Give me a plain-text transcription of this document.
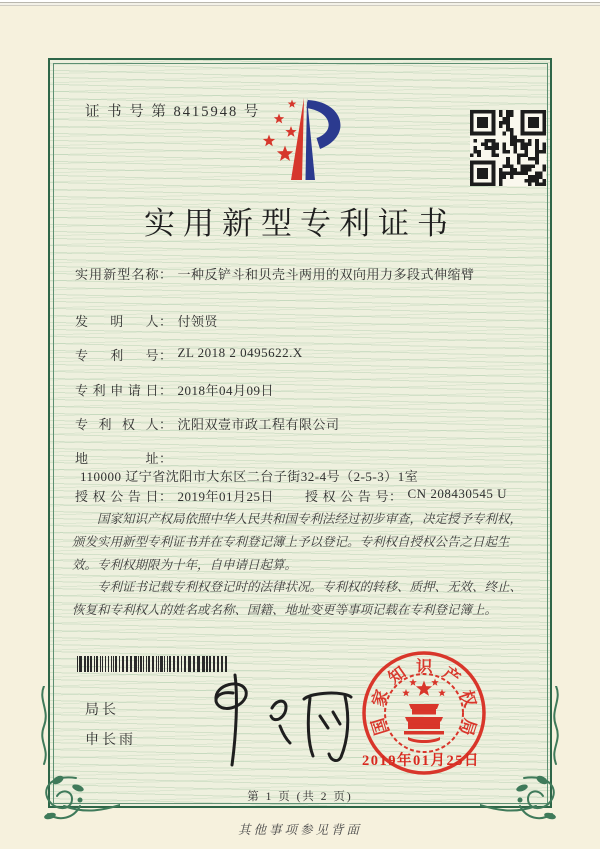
证 书 号 第 8415948 号
实用新型专利证书
实用新型名称： 一种反铲斗和贝壳斗两用的双向用力多段式伸缩臂
发明人： 付领贤
专利号： ZL 2018 2 0495622.X
专利申请日： 2018年04月09日
专利权人： 沈阳双壹市政工程有限公司
地址：110000 辽宁省沈阳市大东区二台子街32-4号（2-5-3）1室
授权公告日： 2019年01月25日 授权公告号： CN 208430545 U

国家知识产权局依照中华人民共和国专利法经过初步审查，决定授予专利权，颁发实用新型专利证书并在专利登记簿上予以登记。专利权自授权公告之日起生效。专利权期限为十年，自申请日起算。

专利证书记载专利权登记时的法律状况。专利权的转移、质押、无效、终止、恢复和专利权人的姓名或名称、国籍、地址变更等事项记载在专利登记簿上。

局长
申长雨
国
家
知 识 产
权
局
2019年01月25日
第 1 页 (共 2 页)
其他事项参见背面
